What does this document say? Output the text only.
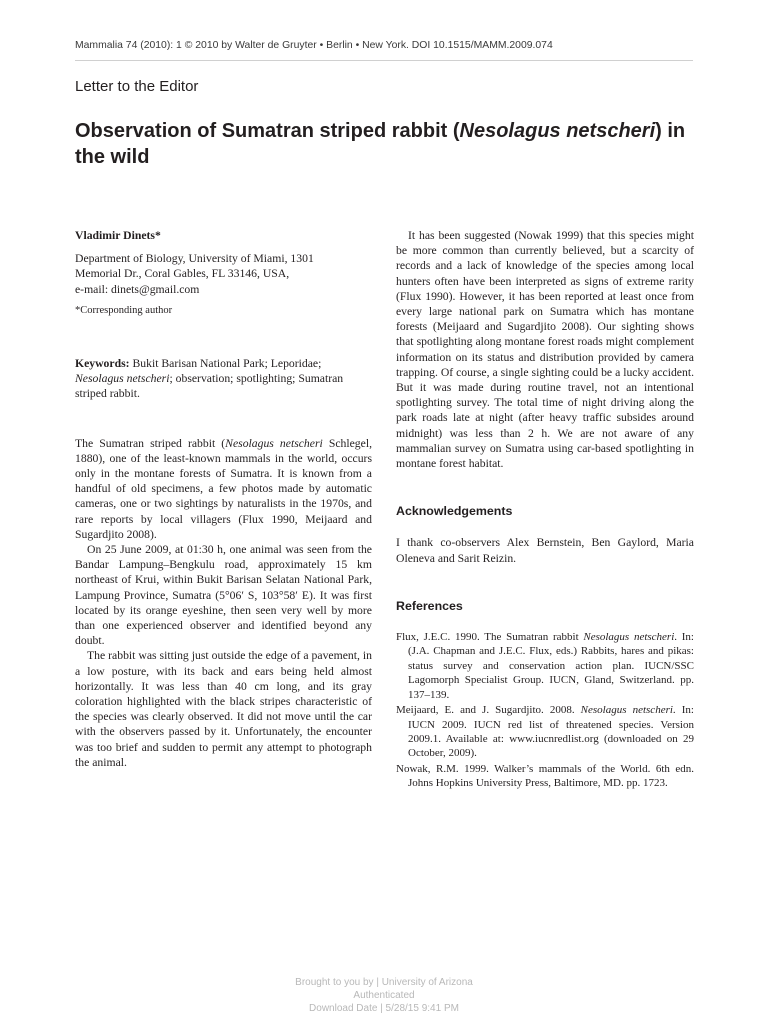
Mammalia 74 (2010): 1 © 2010 by Walter de Gruyter • Berlin • New York. DOI 10.1515/MAMM.2009.074
Letter to the Editor
Observation of Sumatran striped rabbit (Nesolagus netscheri) in the wild

Vladimir Dinets*

Department of Biology, University of Miami, 1301
Memorial Dr., Coral Gables, FL 33146, USA,
e-mail: dinets@gmail.com

*Corresponding author

Keywords: Bukit Barisan National Park; Leporidae; Nesolagus netscheri; observation; spotlighting; Sumatran striped rabbit.

The Sumatran striped rabbit (Nesolagus netscheri Schlegel, 1880), one of the least-known mammals in the world, occurs only in the montane forests of Sumatra. It is known from a handful of old specimens, a few photos made by automatic cameras, one or two sightings by naturalists in the 1970s, and rare reports by local villagers (Flux 1990, Meijaard and Sugardjito 2008).

On 25 June 2009, at 01:30 h, one animal was seen from the Bandar Lampung–Bengkulu road, approximately 15 km northeast of Krui, within Bukit Barisan Selatan National Park, Lampung Province, Sumatra (5°06′ S, 103°58′ E). It was first located by its orange eyeshine, then seen very well by more than one experienced observer and identified beyond any doubt.

The rabbit was sitting just outside the edge of a pavement, in a low posture, with its back and ears being held almost horizontally. It was less than 40 cm long, and its gray coloration highlighted with the black stripes characteristic of the species was clearly observed. It did not move until the car with the observers passed by it. Unfortunately, the encounter was too brief and sudden to permit any attempt to photograph the animal.

It has been suggested (Nowak 1999) that this species might be more common than currently believed, but a scarcity of records and a lack of knowledge of the species among local hunters often have been interpreted as signs of extreme rarity (Flux 1990). However, it has been reported at least once from every large national park on Sumatra which has montane forests (Meijaard and Sugardjito 2008). Our sighting shows that spotlighting along montane forest roads might complement information on its status and distribution provided by camera trapping. Of course, a single sighting could be a lucky accident. But it was made during routine travel, not an intentional spotlighting survey. The total time of night driving along the park roads late at night (after heavy traffic subsides around midnight) was less than 2 h. We are not aware of any mammalian survey on Sumatra using car-based spotlighting in montane forest habitat.

Acknowledgements

I thank co-observers Alex Bernstein, Ben Gaylord, Maria Oleneva and Sarit Reizin.

References
Flux, J.E.C. 1990. The Sumatran rabbit Nesolagus netscheri. In: (J.A. Chapman and J.E.C. Flux, eds.) Rabbits, hares and pikas: status survey and conservation action plan. IUCN/SSC Lagomorph Specialist Group. IUCN, Gland, Switzerland. pp. 137–139.
Meijaard, E. and J. Sugardjito. 2008. Nesolagus netscheri. In: IUCN 2009. IUCN red list of threatened species. Version 2009.1. Available at: www.iucnredlist.org (downloaded on 29 October, 2009).
Nowak, R.M. 1999. Walker’s mammals of the World. 6th edn. Johns Hopkins University Press, Baltimore, MD. pp. 1723.
Brought to you by | University of Arizona
Authenticated
Download Date | 5/28/15 9:41 PM
